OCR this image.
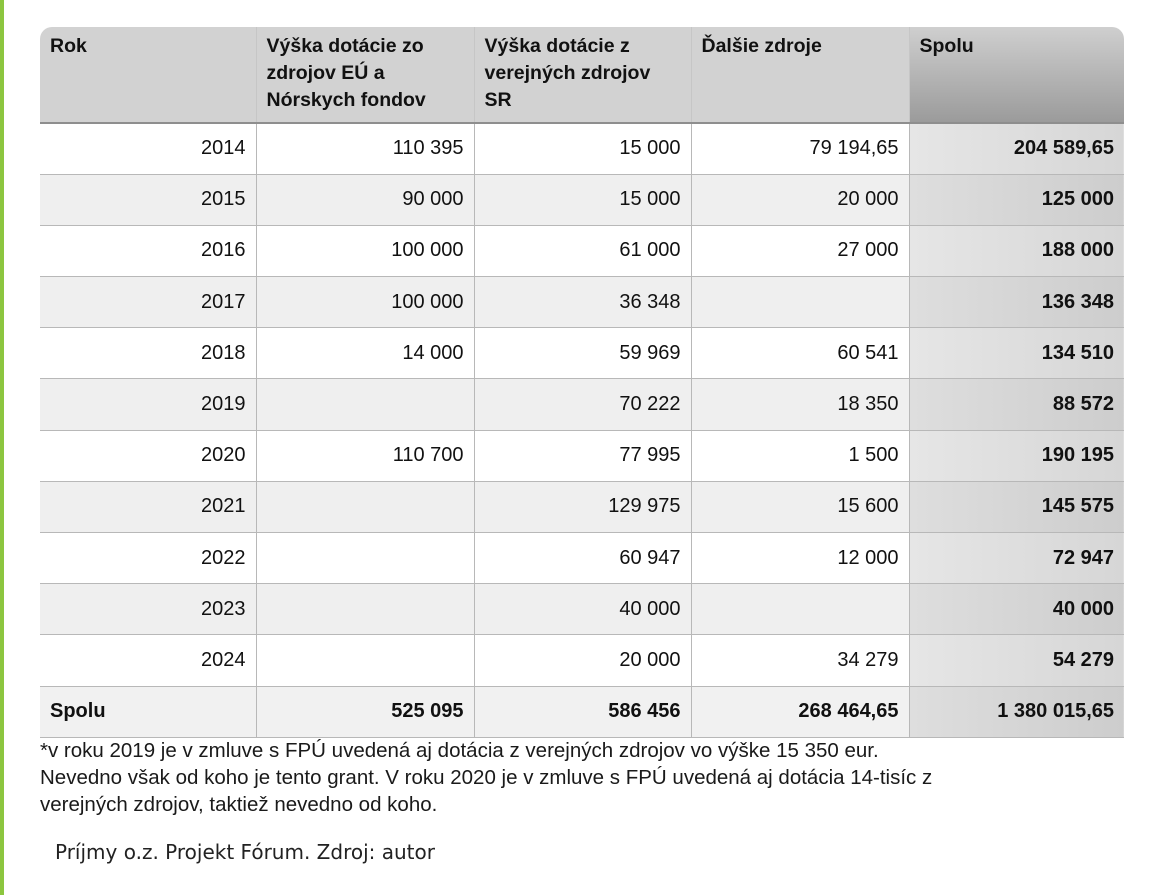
Rok	Výška dotácie zo zdrojov EÚ a Nórskych fondov	Výška dotácie z verejných zdrojov SR	Ďalšie zdroje	Spolu
2014	110 395	15 000	79 194,65	204 589,65
2015	90 000	15 000	20 000	125 000
2016	100 000	61 000	27 000	188 000
2017	100 000	36 348		136 348
2018	14 000	59 969	60 541	134 510
2019		70 222	18 350	88 572
2020	110 700	77 995	1 500	190 195
2021		129 975	15 600	145 575
2022		60 947	12 000	72 947
2023		40 000		40 000
2024		20 000	34 279	54 279
Spolu	525 095	586 456	268 464,65	1 380 015,65

*v roku 2019 je v zmluve s FPÚ uvedená aj dotácia z verejných zdrojov vo výške 15 350 eur.

Nevedno však od koho je tento grant. V roku 2020 je v zmluve s FPÚ uvedená aj dotácia 14-tisíc z

verejných zdrojov, taktiež nevedno od koho.

Príjmy o.z. Projekt Fórum. Zdroj: autor
